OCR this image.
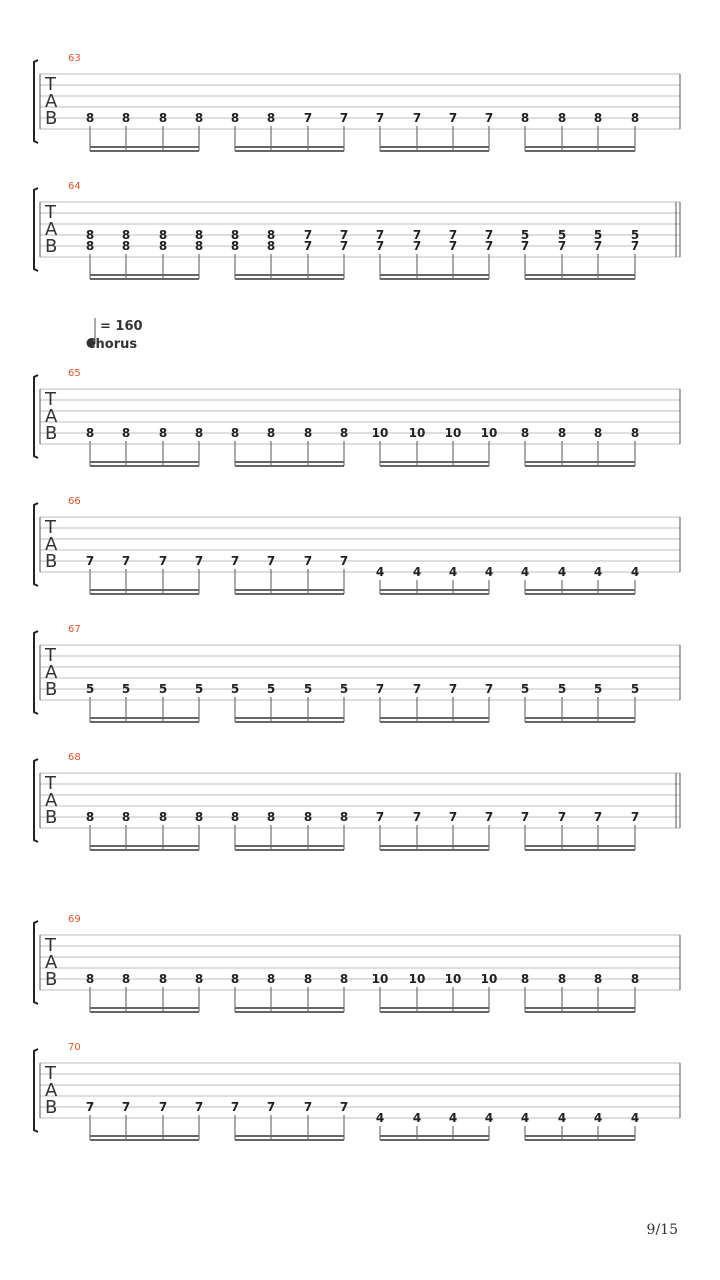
T
A
B
63
8 8 8 8 8 8 7 7 7 7 7 7 8 8 8 8
T
A
B
64
8
8
8
8
8
8
8
8
8
8
8
8
7
7
7
7
7
7
7
7
7
7
7
7
5
7
5
7
5
7
5
7
T
A
B
65
8 8 8 8 8 8 8 8 10 10 10 10 8 8 8 8
T
A
B
66
7 7 7 7 7 7 7 7
4 4 4 4 4 4 4 4
T
A
B
67
5 5 5 5 5 5 5 5 7 7 7 7 5 5 5 5
T
A
B
68
8 8 8 8 8 8 8 8 7 7 7 7 7 7 7 7
T
A
B
69
8 8 8 8 8 8 8 8 10 10 10 10 8 8 8 8
T
A
B
70
7 7 7 7 7 7 7 7
4 4 4 4 4 4 4 4
= 160
Chorus
9/15
